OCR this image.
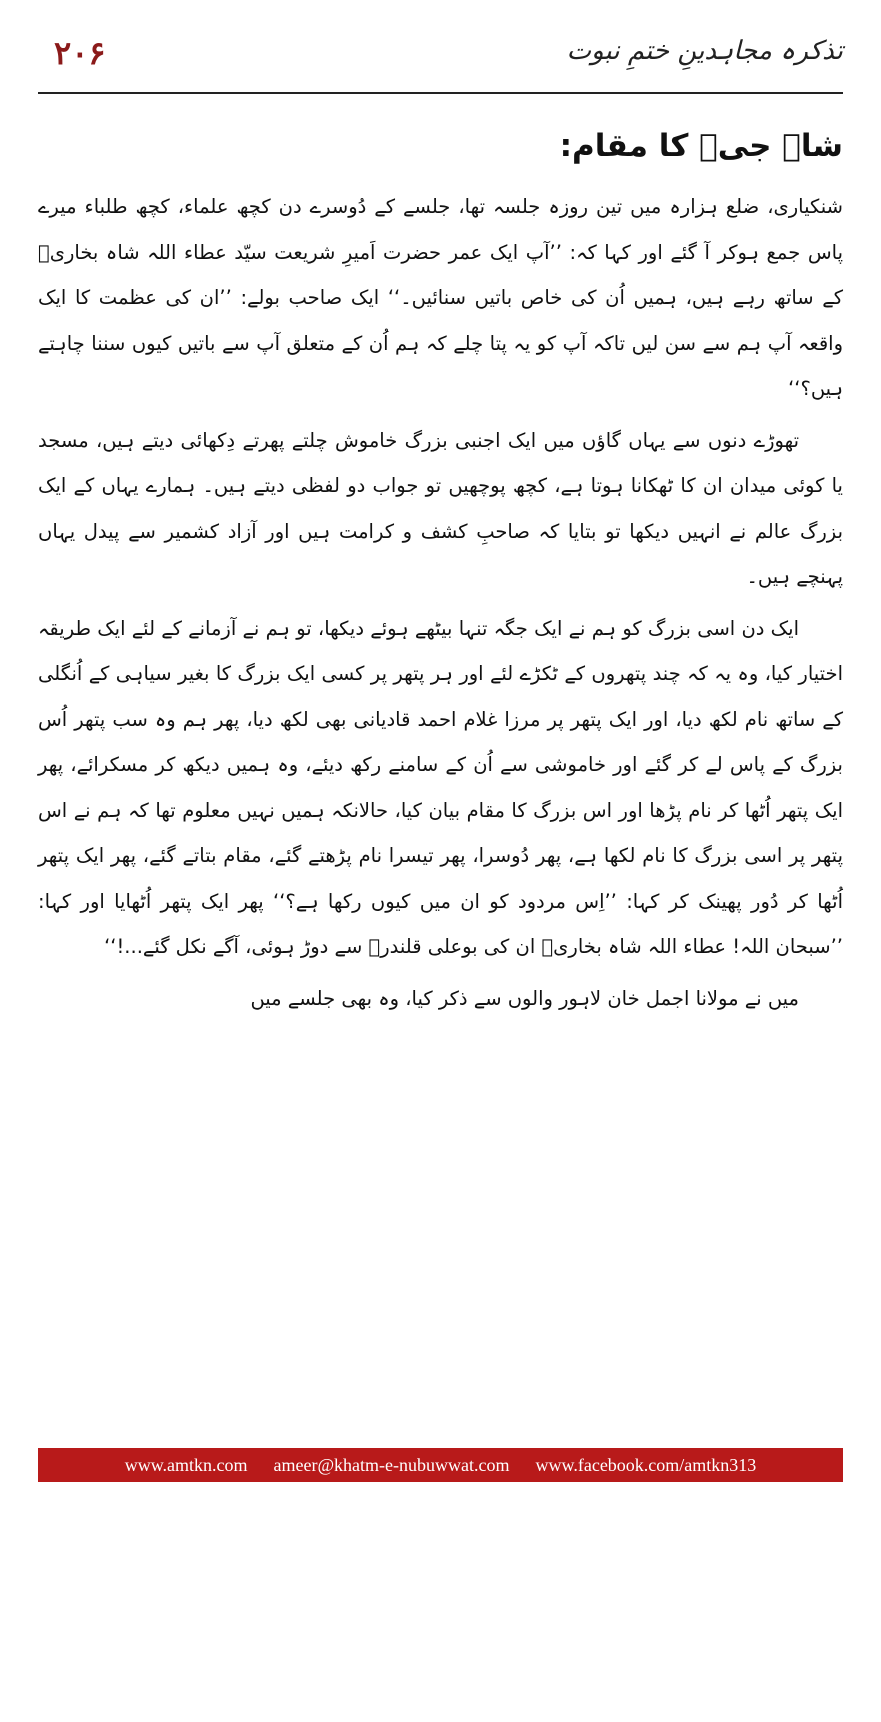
۲۰۶	تذکرہ مجاہدینِ ختمِ نبوت
شاہ جیؒ کا مقام:

شنکیاری، ضلع ہزارہ میں تین روزہ جلسہ تھا، جلسے کے دُوسرے دن کچھ علماء، کچھ طلباء میرے پاس جمع ہوکر آ گئے اور کہا کہ: ’’آپ ایک عمر حضرت اَمیرِ شریعت سیّد عطاء اللہ شاہ بخاریؒ کے ساتھ رہے ہیں، ہمیں اُن کی خاص باتیں سنائیں۔‘‘ ایک صاحب بولے: ’’ان کی عظمت کا ایک واقعہ آپ ہم سے سن لیں تاکہ آپ کو یہ پتا چلے کہ ہم اُن کے متعلق آپ سے باتیں کیوں سننا چاہتے ہیں؟‘‘

تھوڑے دنوں سے یہاں گاؤں میں ایک اجنبی بزرگ خاموش چلتے پھرتے دِکھائی دیتے ہیں، مسجد یا کوئی میدان ان کا ٹھکانا ہوتا ہے، کچھ پوچھیں تو جواب دو لفظی دیتے ہیں۔ ہمارے یہاں کے ایک بزرگ عالم نے انہیں دیکھا تو بتایا کہ صاحبِ کشف و کرامت ہیں اور آزاد کشمیر سے پیدل یہاں پہنچے ہیں۔

ایک دن اسی بزرگ کو ہم نے ایک جگہ تنہا بیٹھے ہوئے دیکھا، تو ہم نے آزمانے کے لئے ایک طریقہ اختیار کیا، وہ یہ کہ چند پتھروں کے ٹکڑے لئے اور ہر پتھر پر کسی ایک بزرگ کا بغیر سیاہی کے اُنگلی کے ساتھ نام لکھ دیا، اور ایک پتھر پر مرزا غلام احمد قادیانی بھی لکھ دیا، پھر ہم وہ سب پتھر اُس بزرگ کے پاس لے کر گئے اور خاموشی سے اُن کے سامنے رکھ دیئے، وہ ہمیں دیکھ کر مسکرائے، پھر ایک پتھر اُٹھا کر نام پڑھا اور اس بزرگ کا مقام بیان کیا، حالانکہ ہمیں نہیں معلوم تھا کہ ہم نے اس پتھر پر اسی بزرگ کا نام لکھا ہے، پھر دُوسرا، پھر تیسرا نام پڑھتے گئے، مقام بتاتے گئے، پھر ایک پتھر اُٹھا کر دُور پھینک کر کہا: ’’اِس مردود کو ان میں کیوں رکھا ہے؟‘‘ پھر ایک پتھر اُٹھایا اور کہا: ’’سبحان اللہ! عطاء اللہ شاہ بخاریؒ ان کی بوعلی قلندرؒ سے دوڑ ہوئی، آگے نکل گئے...!‘‘

میں نے مولانا اجمل خان لاہور والوں سے ذکر کیا، وہ بھی جلسے میں

www.amtkn.com ameer@khatm-e-nubuwwat.com www.facebook.com/amtkn313
